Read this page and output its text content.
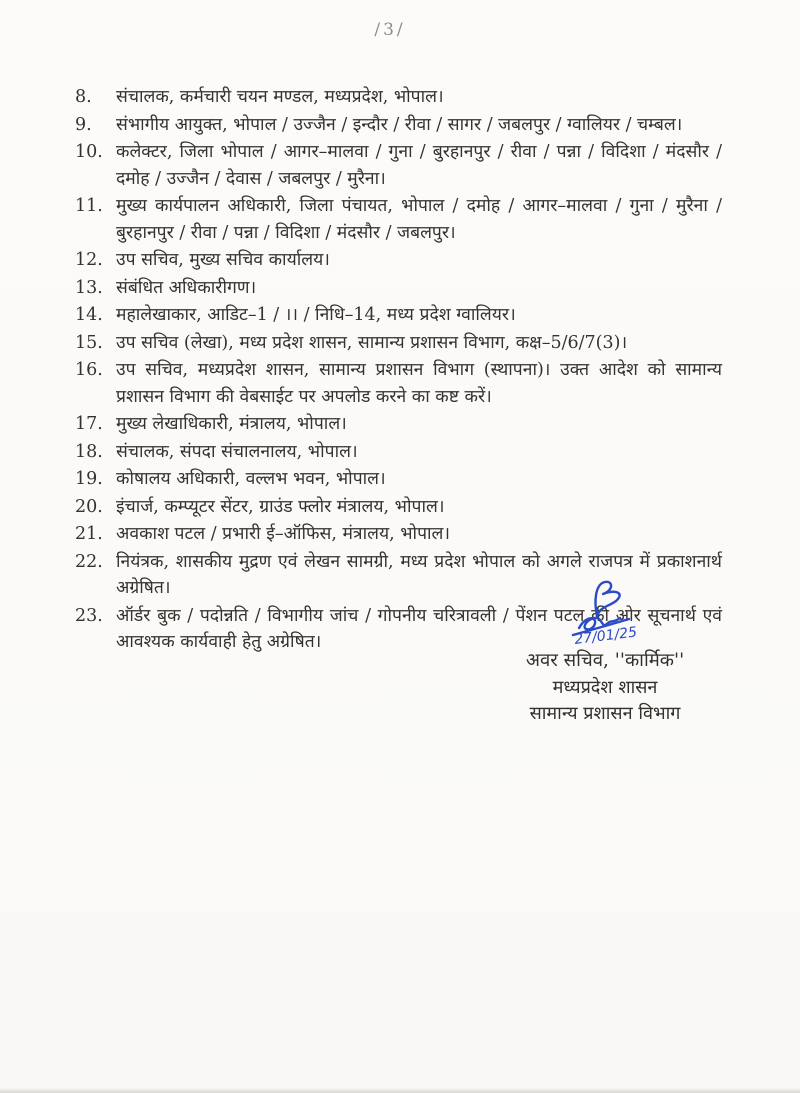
/3/
8.	संचालक, कर्मचारी चयन मण्डल, मध्यप्रदेश, भोपाल।
9.	संभागीय आयुक्त, भोपाल / उज्जैन / इन्दौर / रीवा / सागर / जबलपुर / ग्वालियर / चम्बल।
10. कलेक्टर, जिला भोपाल / आगर–मालवा / गुना / बुरहानपुर / रीवा / पन्ना / विदिशा / मंदसौर / दमोह / उज्जैन / देवास / जबलपुर / मुरैना।
11. मुख्य कार्यपालन अधिकारी, जिला पंचायत, भोपाल / दमोह / आगर–मालवा / गुना / मुरैना / बुरहानपुर / रीवा / पन्ना / विदिशा / मंदसौर / जबलपुर।
12. उप सचिव, मुख्य सचिव कार्यालय।
13. संबंधित अधिकारीगण।
14. महालेखाकार, आडिट–1 / ।। / निधि–14, मध्य प्रदेश ग्वालियर।
15. उप सचिव (लेखा), मध्य प्रदेश शासन, सामान्य प्रशासन विभाग, कक्ष–5/6/7(3)।
16. उप सचिव, मध्यप्रदेश शासन, सामान्य प्रशासन विभाग (स्थापना)। उक्त आदेश को सामान्य प्रशासन विभाग की वेबसाईट पर अपलोड करने का कष्ट करें।
17. मुख्य लेखाधिकारी, मंत्रालय, भोपाल।
18. संचालक, संपदा संचालनालय, भोपाल।
19. कोषालय अधिकारी, वल्लभ भवन, भोपाल।
20. इंचार्ज, कम्प्यूटर सेंटर, ग्राउंड फ्लोर मंत्रालय, भोपाल।
21. अवकाश पटल / प्रभारी ई–ऑफिस, मंत्रालय, भोपाल।
22. नियंत्रक, शासकीय मुद्रण एवं लेखन सामग्री, मध्य प्रदेश भोपाल को अगले राजपत्र में प्रकाशनार्थ अग्रेषित।
23. ऑर्डर बुक / पदोन्नति / विभागीय जांच / गोपनीय चरित्रावली / पेंशन पटल की ओर सूचनार्थ एवं आवश्यक कार्यवाही हेतु अग्रेषित।	27/01/25
अवर सचिव, ''कार्मिक''
मध्यप्रदेश शासन
सामान्य प्रशासन विभाग
